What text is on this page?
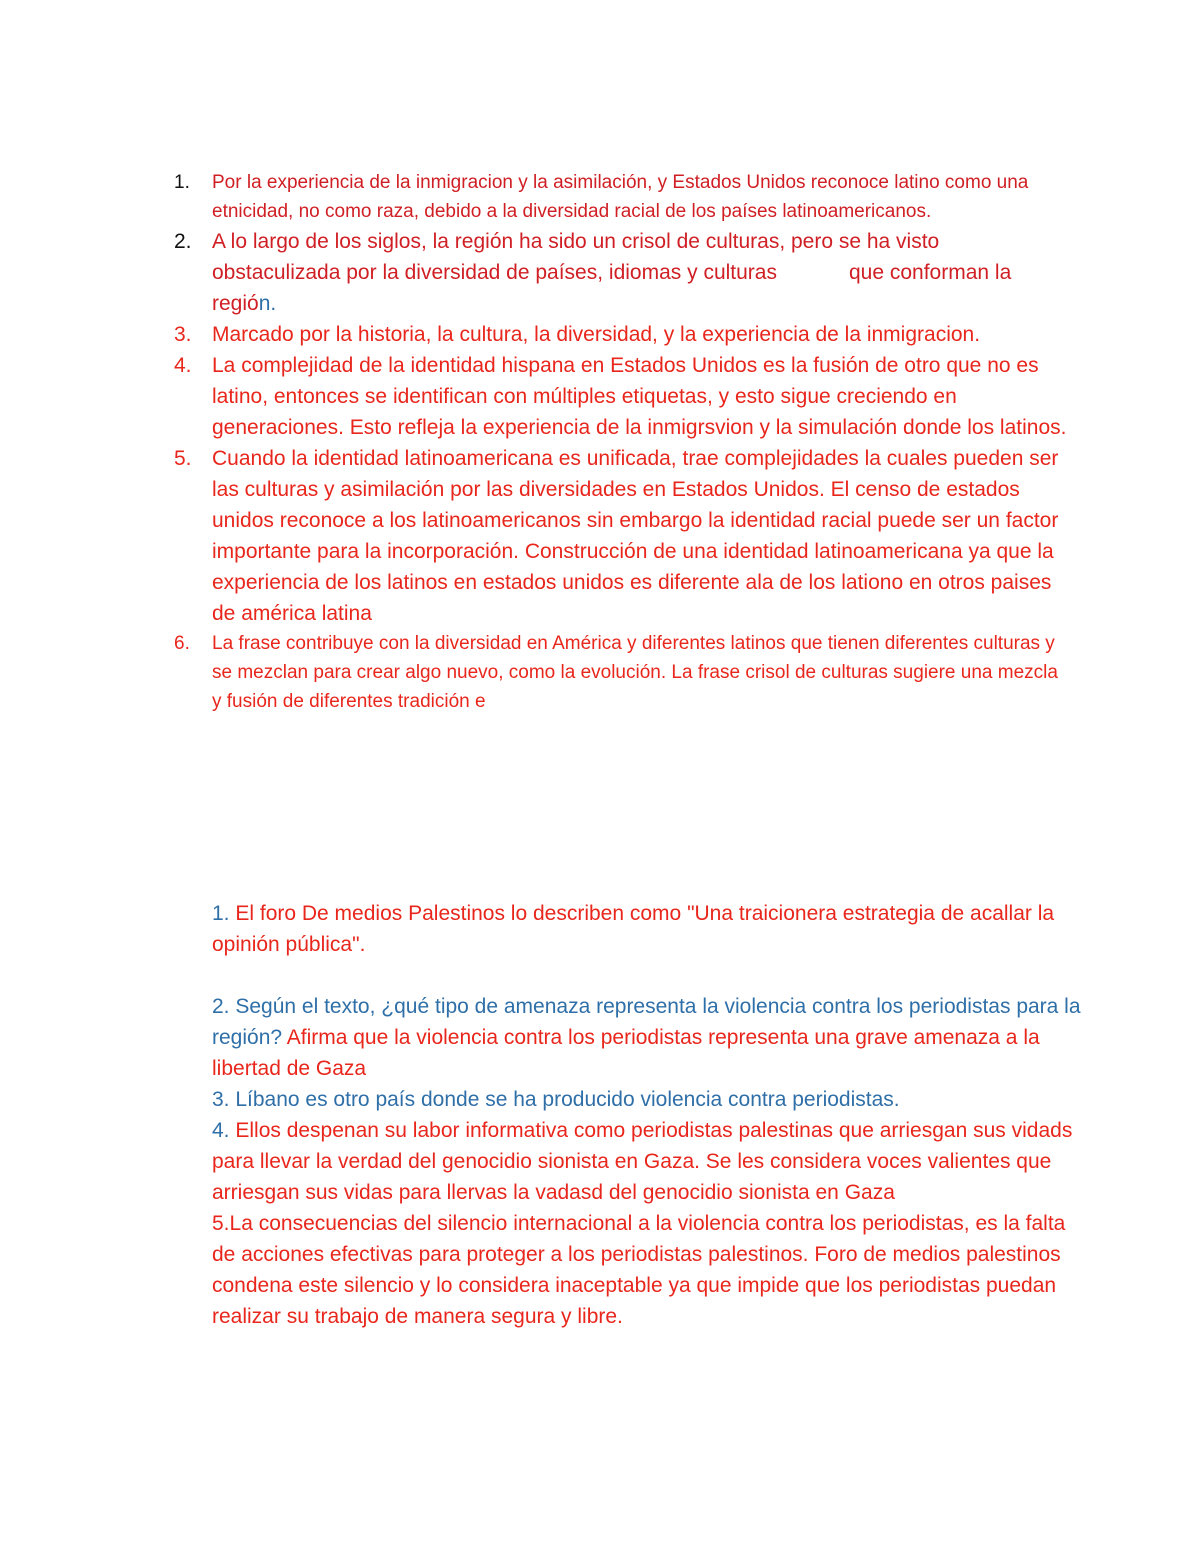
1. Por la experiencia de la inmigracion y la asimilación, y Estados Unidos reconoce latino como una etnicidad, no como raza, debido a la diversidad racial de los países latinoamericanos.
2. A lo largo de los siglos, la región ha sido un crisol de culturas, pero se ha visto obstaculizada por la diversidad de países, idiomas y culturas	que conforman la región.
3. Marcado por la historia, la cultura, la diversidad, y la experiencia de la inmigracion.
4. La complejidad de la identidad hispana en Estados Unidos es la fusión de otro que no es latino, entonces se identifican con múltiples etiquetas, y esto sigue creciendo en generaciones. Esto refleja la experiencia de la inmigrsvion y la simulación donde los latinos.
5. Cuando la identidad latinoamericana es unificada, trae complejidades la cuales pueden ser las culturas y asimilación por las diversidades en Estados Unidos. El censo de estados unidos reconoce a los latinoamericanos sin embargo la identidad racial puede ser un factor importante para la incorporación. Construcción de una identidad latinoamericana ya que la experiencia de los latinos en estados unidos es diferente ala de los lationo en otros paises de américa latina
6. La frase contribuye con la diversidad en América y diferentes latinos que tienen diferentes culturas y se mezclan para crear algo nuevo, como la evolución. La frase crisol de culturas sugiere una mezcla y fusión de diferentes tradición e

1. El foro De medios Palestinos lo describen como "Una traicionera estrategia de acallar la opinión pública".

2. Según el texto, ¿qué tipo de amenaza representa la violencia contra los periodistas para la región? Afirma que la violencia contra los periodistas representa una grave amenaza a la libertad de Gaza

3. Líbano es otro país donde se ha producido violencia contra periodistas.

4. Ellos despenan su labor informativa como periodistas palestinas que arriesgan sus vidads para llevar la verdad del genocidio sionista en Gaza. Se les considera voces valientes que arriesgan sus vidas para llervas la vadasd del genocidio sionista en Gaza

5.La consecuencias del silencio internacional a la violencia contra los periodistas, es la falta de acciones efectivas para proteger a los periodistas palestinos. Foro de medios palestinos condena este silencio y lo considera inaceptable ya que impide que los periodistas puedan realizar su trabajo de manera segura y libre.
